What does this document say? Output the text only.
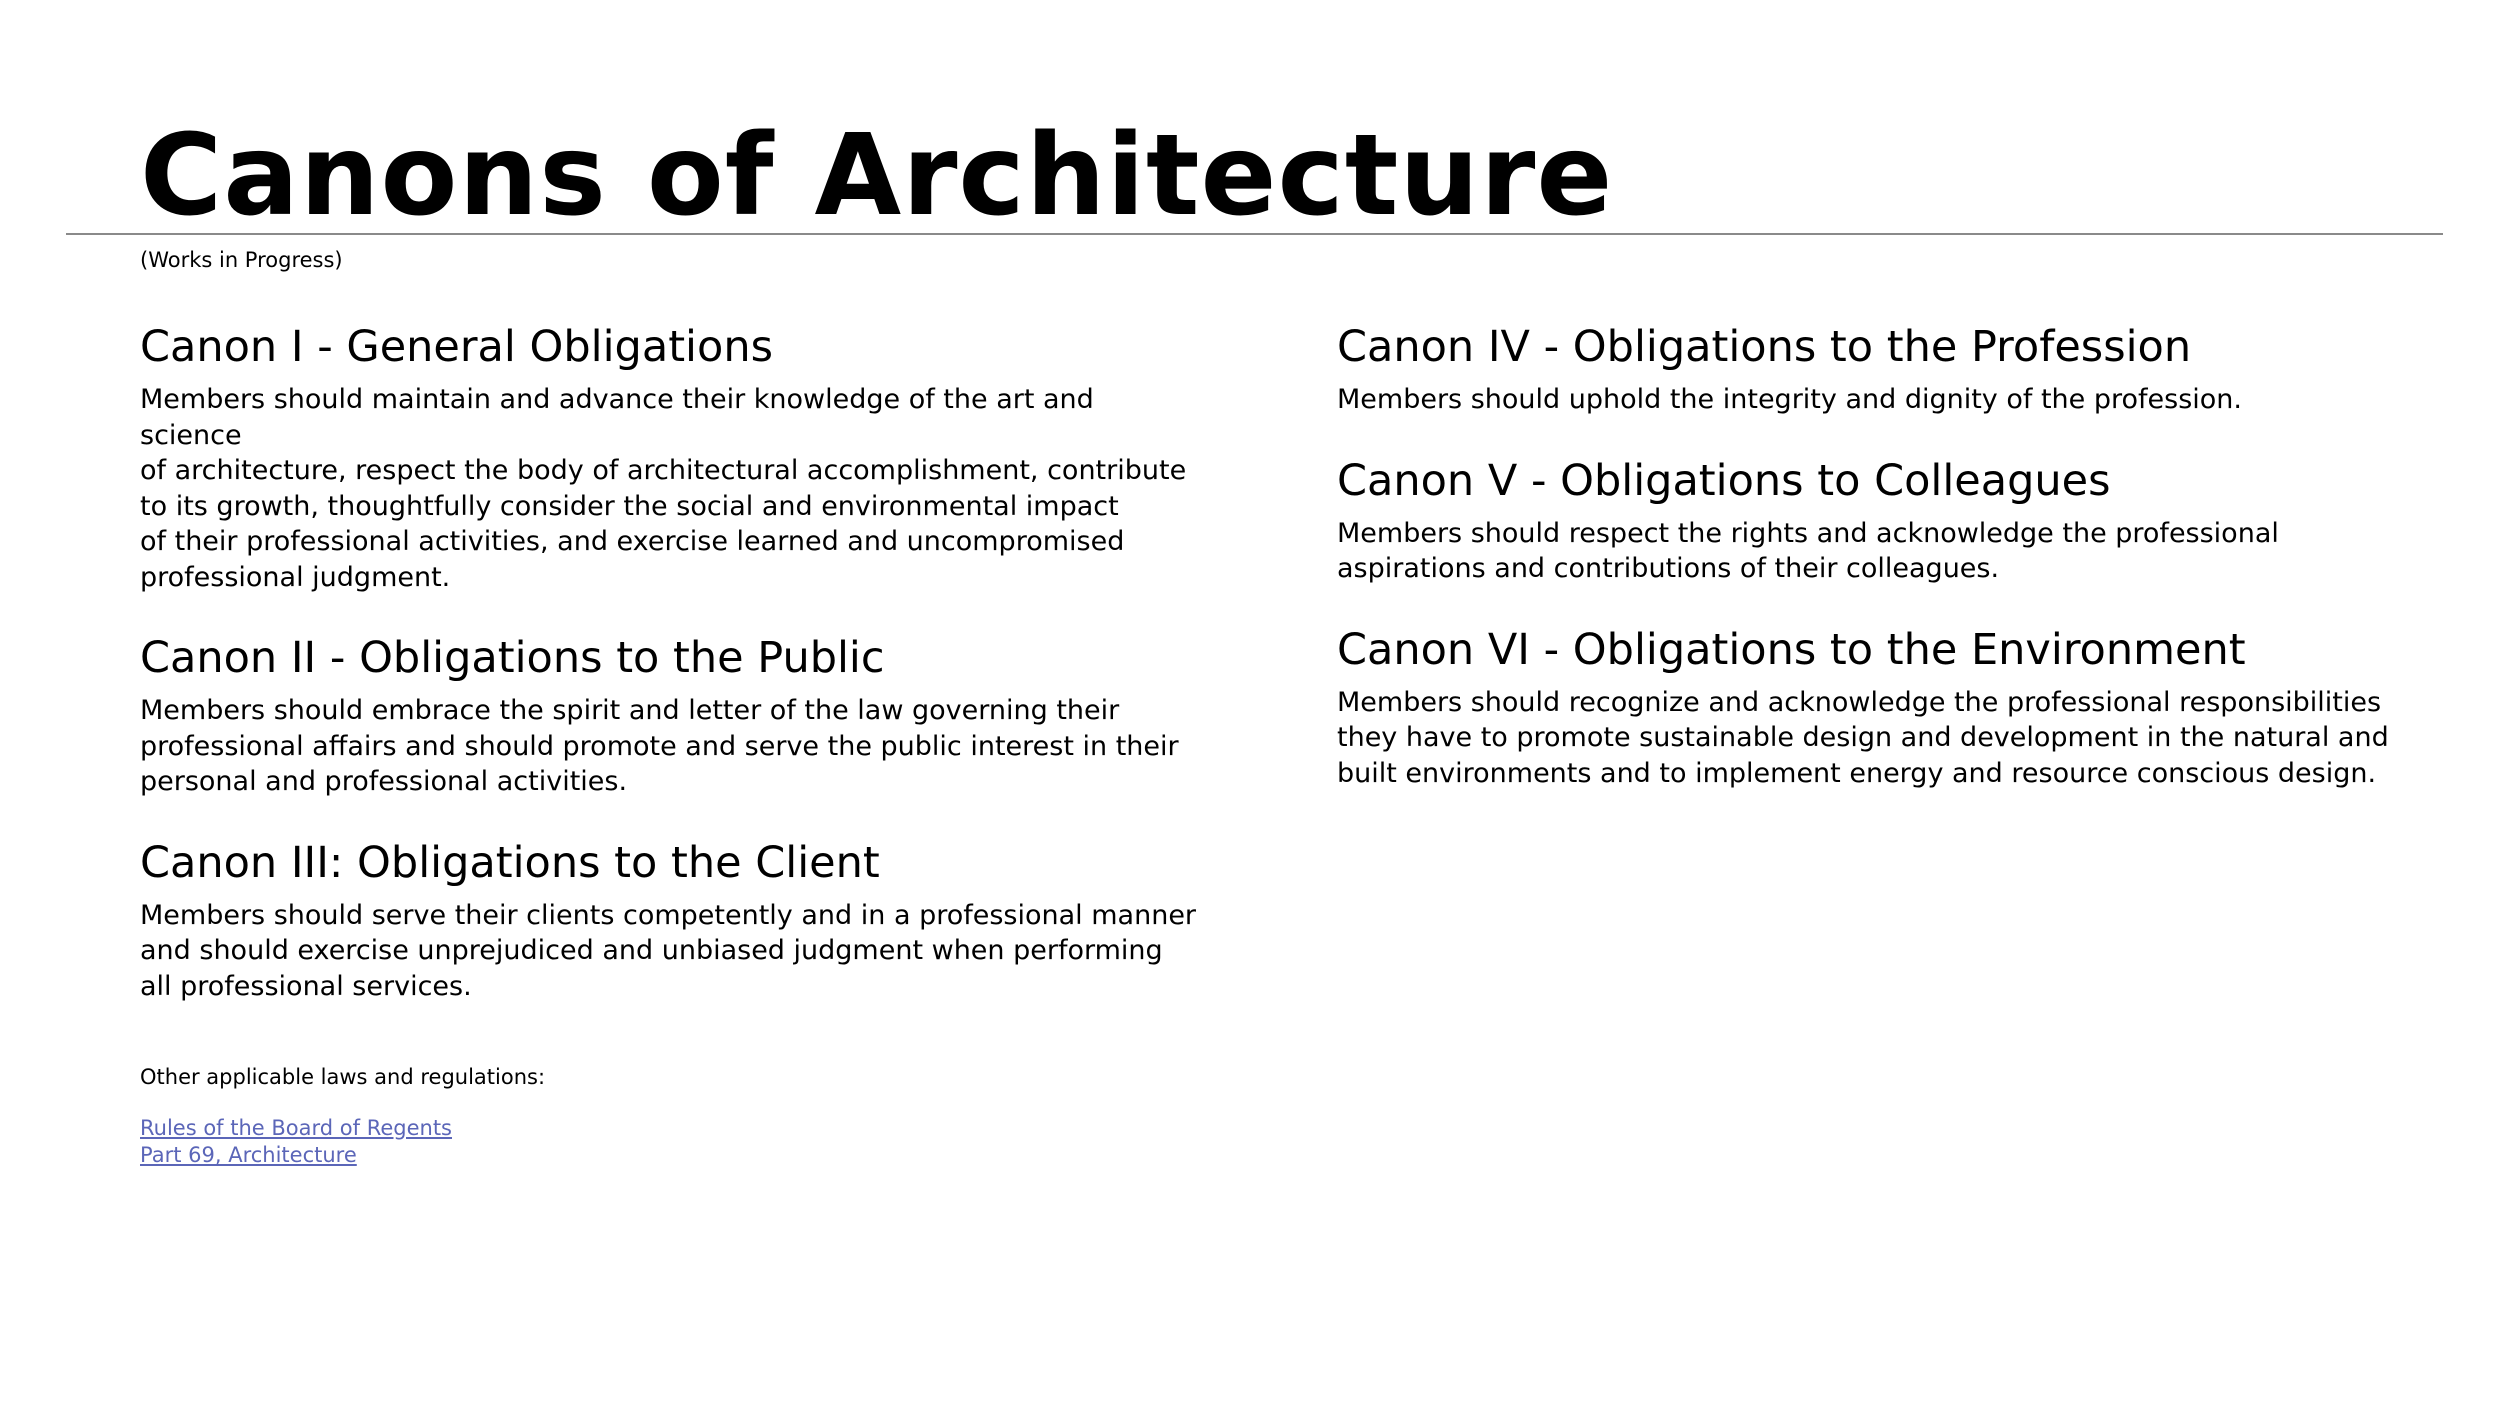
Canons of Architecture
(Works in Progress)
Canon I - General Obligations

Members should maintain and advance their knowledge of the art and science
of architecture, respect the body of architectural accomplishment, contribute
to its growth, thoughtfully consider the social and environmental impact
of their professional activities, and exercise learned and uncompromised
professional judgment.

Canon II - Obligations to the Public

Members should embrace the spirit and letter of the law governing their
professional affairs and should promote and serve the public interest in their
personal and professional activities.

Canon III: Obligations to the Client

Members should serve their clients competently and in a professional manner
and should exercise unprejudiced and unbiased judgment when performing
all professional services.

Canon IV - Obligations to the Profession

Members should uphold the integrity and dignity of the profession.

Canon V - Obligations to Colleagues

Members should respect the rights and acknowledge the professional
aspirations and contributions of their colleagues.

Canon VI - Obligations to the Environment

Members should recognize and acknowledge the professional responsibilities
they have to promote sustainable design and development in the natural and
built environments and to implement energy and resource conscious design.

Other applicable laws and regulations:
Rules of the Board of Regents
Part 69, Architecture
